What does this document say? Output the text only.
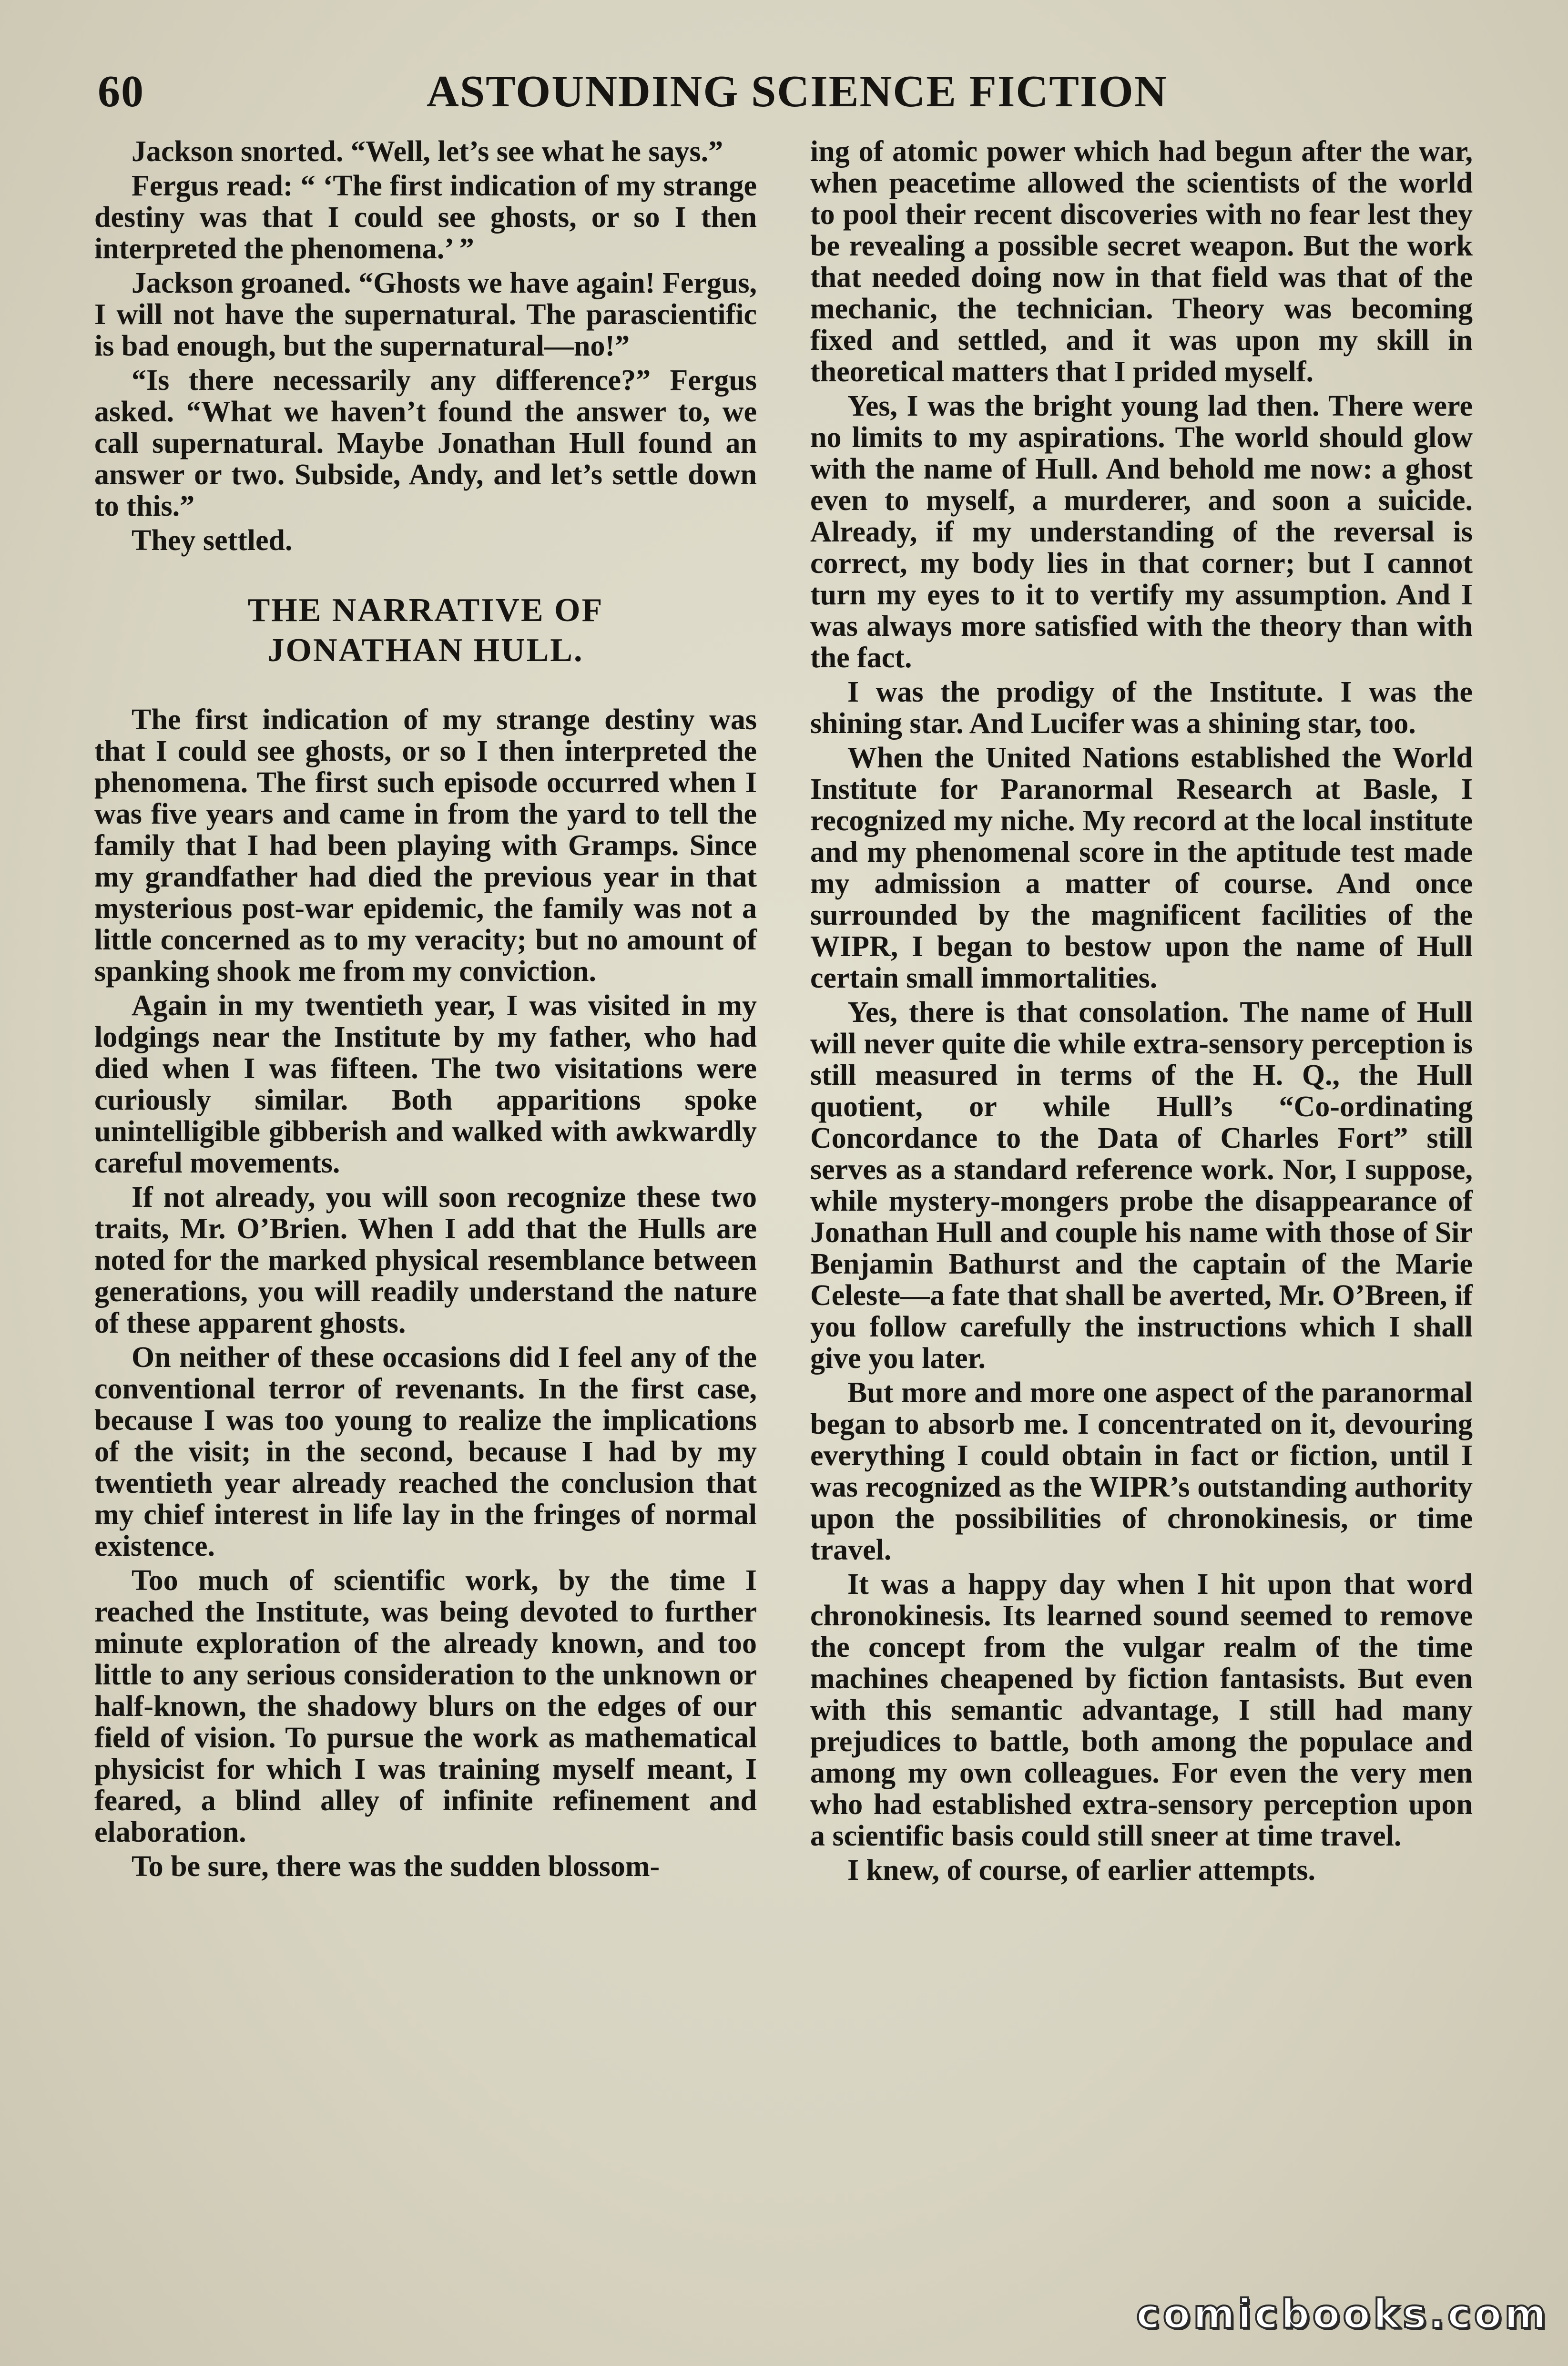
60	ASTOUNDING SCIENCE FICTION

Jackson snorted. “Well, let’s see what he says.”

Fergus read: “ ‘The first indication of my strange destiny was that I could see ghosts, or so I then interpreted the phenomena.’ ”

Jackson groaned. “Ghosts we have again! Fergus, I will not have the supernatural. The parascientific is bad enough, but the supernatural—no!”

“Is there necessarily any difference?” Fergus asked. “What we haven’t found the answer to, we call supernatural. Maybe Jonathan Hull found an answer or two. Subside, Andy, and let’s settle down to this.”

They settled.

THE NARRATIVE OF
JONATHAN HULL.

The first indication of my strange destiny was that I could see ghosts, or so I then interpreted the phenomena. The first such episode occurred when I was five years and came in from the yard to tell the family that I had been playing with Gramps. Since my grandfather had died the previous year in that mysterious post-war epidemic, the family was not a little concerned as to my veracity; but no amount of spanking shook me from my conviction.

Again in my twentieth year, I was visited in my lodgings near the Institute by my father, who had died when I was fifteen. The two visitations were curiously similar. Both apparitions spoke unintelligible gibberish and walked with awkwardly careful movements.

If not already, you will soon recognize these two traits, Mr. O’Brien. When I add that the Hulls are noted for the marked physical resemblance between generations, you will readily understand the nature of these apparent ghosts.

On neither of these occasions did I feel any of the conventional terror of revenants. In the first case, because I was too young to realize the implications of the visit; in the second, because I had by my twentieth year already reached the conclusion that my chief interest in life lay in the fringes of normal existence.

Too much of scientific work, by the time I reached the Institute, was being devoted to further minute exploration of the already known, and too little to any serious consideration to the unknown or half-known, the shadowy blurs on the edges of our field of vision. To pursue the work as mathematical physicist for which I was training myself meant, I feared, a blind alley of infinite refinement and elaboration.

To be sure, there was the sudden blossom-

ing of atomic power which had begun after the war, when peacetime allowed the scientists of the world to pool their recent discoveries with no fear lest they be revealing a possible secret weapon. But the work that needed doing now in that field was that of the mechanic, the technician. Theory was becoming fixed and settled, and it was upon my skill in theoretical matters that I prided myself.

Yes, I was the bright young lad then. There were no limits to my aspirations. The world should glow with the name of Hull. And behold me now: a ghost even to myself, a murderer, and soon a suicide. Already, if my understanding of the reversal is correct, my body lies in that corner; but I cannot turn my eyes to it to vertify my assumption. And I was always more satisfied with the theory than with the fact.

I was the prodigy of the Institute. I was the shining star. And Lucifer was a shining star, too.

When the United Nations established the World Institute for Paranormal Research at Basle, I recognized my niche. My record at the local institute and my phenomenal score in the aptitude test made my admission a matter of course. And once surrounded by the magnificent facilities of the WIPR, I began to bestow upon the name of Hull certain small immortalities.

Yes, there is that consolation. The name of Hull will never quite die while extra-sensory perception is still measured in terms of the H. Q., the Hull quotient, or while Hull’s “Co-ordinating Concordance to the Data of Charles Fort” still serves as a standard reference work. Nor, I suppose, while mystery-mongers probe the disappearance of Jonathan Hull and couple his name with those of Sir Benjamin Bathurst and the captain of the Marie Celeste—a fate that shall be averted, Mr. O’Breen, if you follow carefully the instructions which I shall give you later.

But more and more one aspect of the paranormal began to absorb me. I concentrated on it, devouring everything I could obtain in fact or fiction, until I was recognized as the WIPR’s outstanding authority upon the possibilities of chronokinesis, or time travel.

It was a happy day when I hit upon that word chronokinesis. Its learned sound seemed to remove the concept from the vulgar realm of the time machines cheapened by fiction fantasists. But even with this semantic advantage, I still had many prejudices to battle, both among the populace and among my own colleagues. For even the very men who had established extra-sensory perception upon a scientific basis could still sneer at time travel.

I knew, of course, of earlier attempts.

comicbooks.com
